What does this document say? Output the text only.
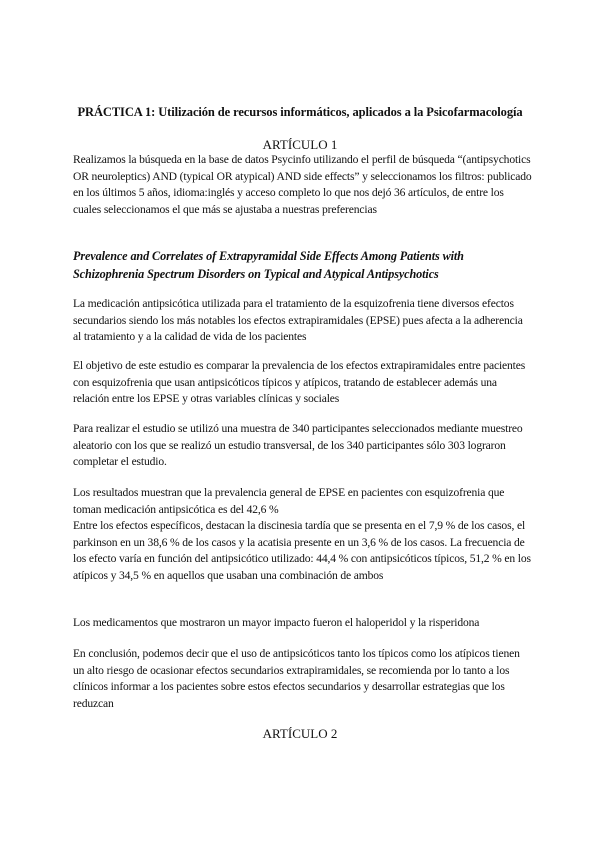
PRÁCTICA 1: Utilización de recursos informáticos, aplicados a la Psicofarmacología
ARTÍCULO 1

Realizamos la búsqueda en la base de datos Psycinfo utilizando el perfil de búsqueda “(antipsychotics OR neuroleptics) AND (typical OR atypical) AND side effects” y seleccionamos los filtros: publicado en los últimos 5 años, idioma:inglés y acceso completo lo que nos dejó 36 artículos, de entre los cuales seleccionamos el que más se ajustaba a nuestras preferencias

Prevalence and Correlates of Extrapyramidal Side Effects Among Patients with Schizophrenia Spectrum Disorders on Typical and Atypical Antipsychotics

La medicación antipsicótica utilizada para el tratamiento de la esquizofrenia tiene diversos efectos secundarios siendo los más notables los efectos extrapiramidales (EPSE) pues afecta a la adherencia al tratamiento y a la calidad de vida de los pacientes

El objetivo de este estudio es comparar la prevalencia de los efectos extrapiramidales entre pacientes con esquizofrenia que usan antipsicóticos típicos y atípicos, tratando de establecer además una relación entre los EPSE y otras variables clínicas y sociales

Para realizar el estudio se utilizó una muestra de 340 participantes seleccionados mediante muestreo aleatorio con los que se realizó un estudio transversal, de los 340 participantes sólo 303 lograron completar el estudio.

Los resultados muestran que la prevalencia general de EPSE en pacientes con esquizofrenia que toman medicación antipsicótica es del 42,6 %

Entre los efectos específicos, destacan la discinesia tardía que se presenta en el 7,9 % de los casos, el parkinson en un 38,6 % de los casos y la acatisia presente en un 3,6 % de los casos. La frecuencia de los efecto varía en función del antipsicótico utilizado: 44,4 % con antipsicóticos típicos, 51,2 % en los atípicos y 34,5 % en aquellos que usaban una combinación de ambos

Los medicamentos que mostraron un mayor impacto fueron el haloperidol y la risperidona

En conclusión, podemos decir que el uso de antipsicóticos tanto los típicos como los atípicos tienen un alto riesgo de ocasionar efectos secundarios extrapiramidales, se recomienda por lo tanto a los clínicos informar a los pacientes sobre estos efectos secundarios y desarrollar estrategias que los reduzcan

ARTÍCULO 2
